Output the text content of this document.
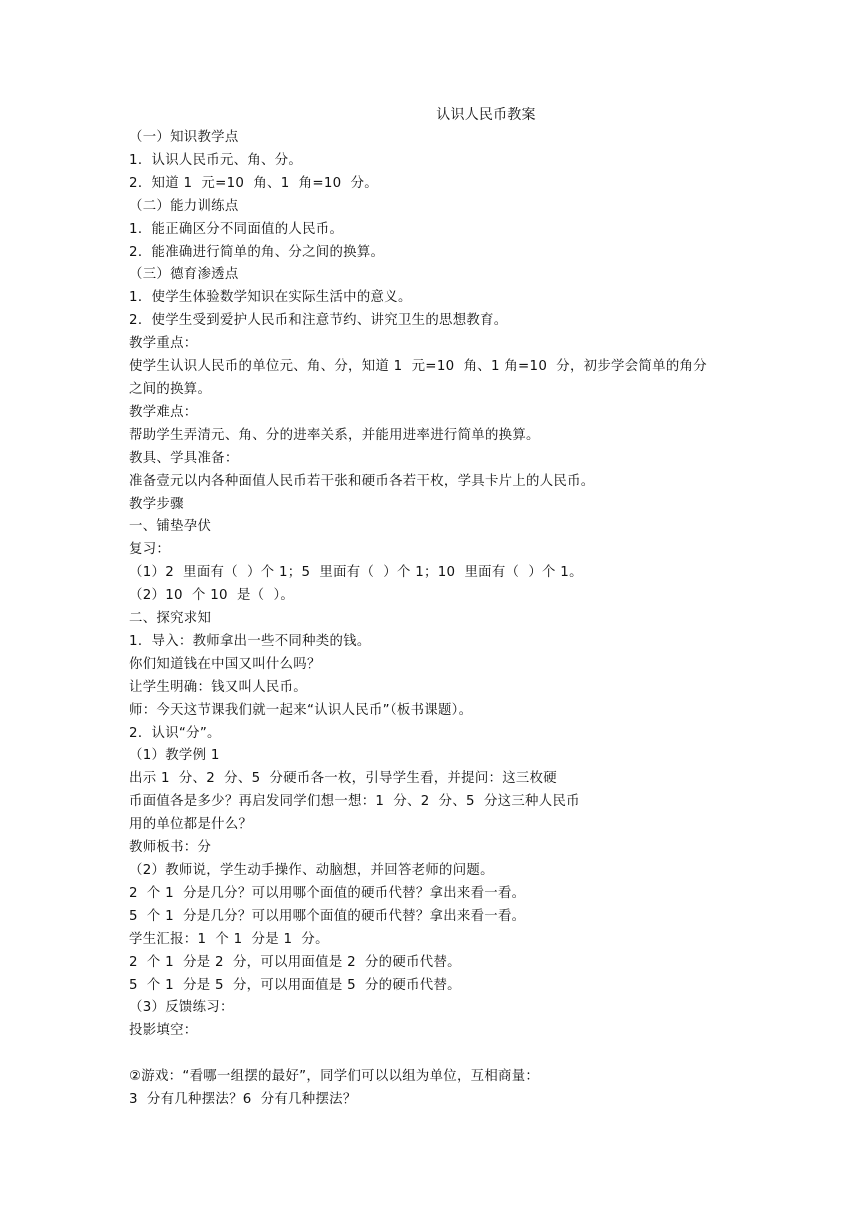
认识人民币教案
（一）知识教学点
1．认识人民币元、角、分。
2．知道 1  元=10  角、1  角=10  分。
（二）能力训练点
1．能正确区分不同面值的人民币。
2．能准确进行简单的角、分之间的换算。
（三）德育渗透点
1．使学生体验数学知识在实际生活中的意义。
2．使学生受到爱护人民币和注意节约、讲究卫生的思想教育。
教学重点：
使学生认识人民币的单位元、角、分，知道 1  元=10  角、1 角=10  分，初步学会简单的角分
之间的换算。
教学难点：
帮助学生弄清元、角、分的进率关系，并能用进率进行简单的换算。
教具、学具准备：
准备壹元以内各种面值人民币若干张和硬币各若干枚，学具卡片上的人民币。
教学步骤
一、铺垫孕伏
复习：
（1）2  里面有（  ）个 1；5  里面有（  ）个 1；10  里面有（  ）个 1。
（2）10  个 10  是（  ）。
二、探究求知
1．导入：教师拿出一些不同种类的钱。
你们知道钱在中国又叫什么吗？
让学生明确：钱又叫人民币。
师：今天这节课我们就一起来“认识人民币”（板书课题）。
2．认识“分”。
（1）教学例 1
出示 1  分、2  分、5  分硬币各一枚，引导学生看，并提问：这三枚硬
币面值各是多少？再启发同学们想一想：1  分、2  分、5  分这三种人民币
用的单位都是什么？
教师板书：分
（2）教师说，学生动手操作、动脑想，并回答老师的问题。
2  个 1  分是几分？可以用哪个面值的硬币代替？拿出来看一看。
5  个 1  分是几分？可以用哪个面值的硬币代替？拿出来看一看。
学生汇报：1  个 1  分是 1  分。
2  个 1  分是 2  分，可以用面值是 2  分的硬币代替。
5  个 1  分是 5  分，可以用面值是 5  分的硬币代替。
（3）反馈练习：
投影填空：
②游戏：“看哪一组摆的最好”，同学们可以以组为单位，互相商量：
3  分有几种摆法？6  分有几种摆法？
